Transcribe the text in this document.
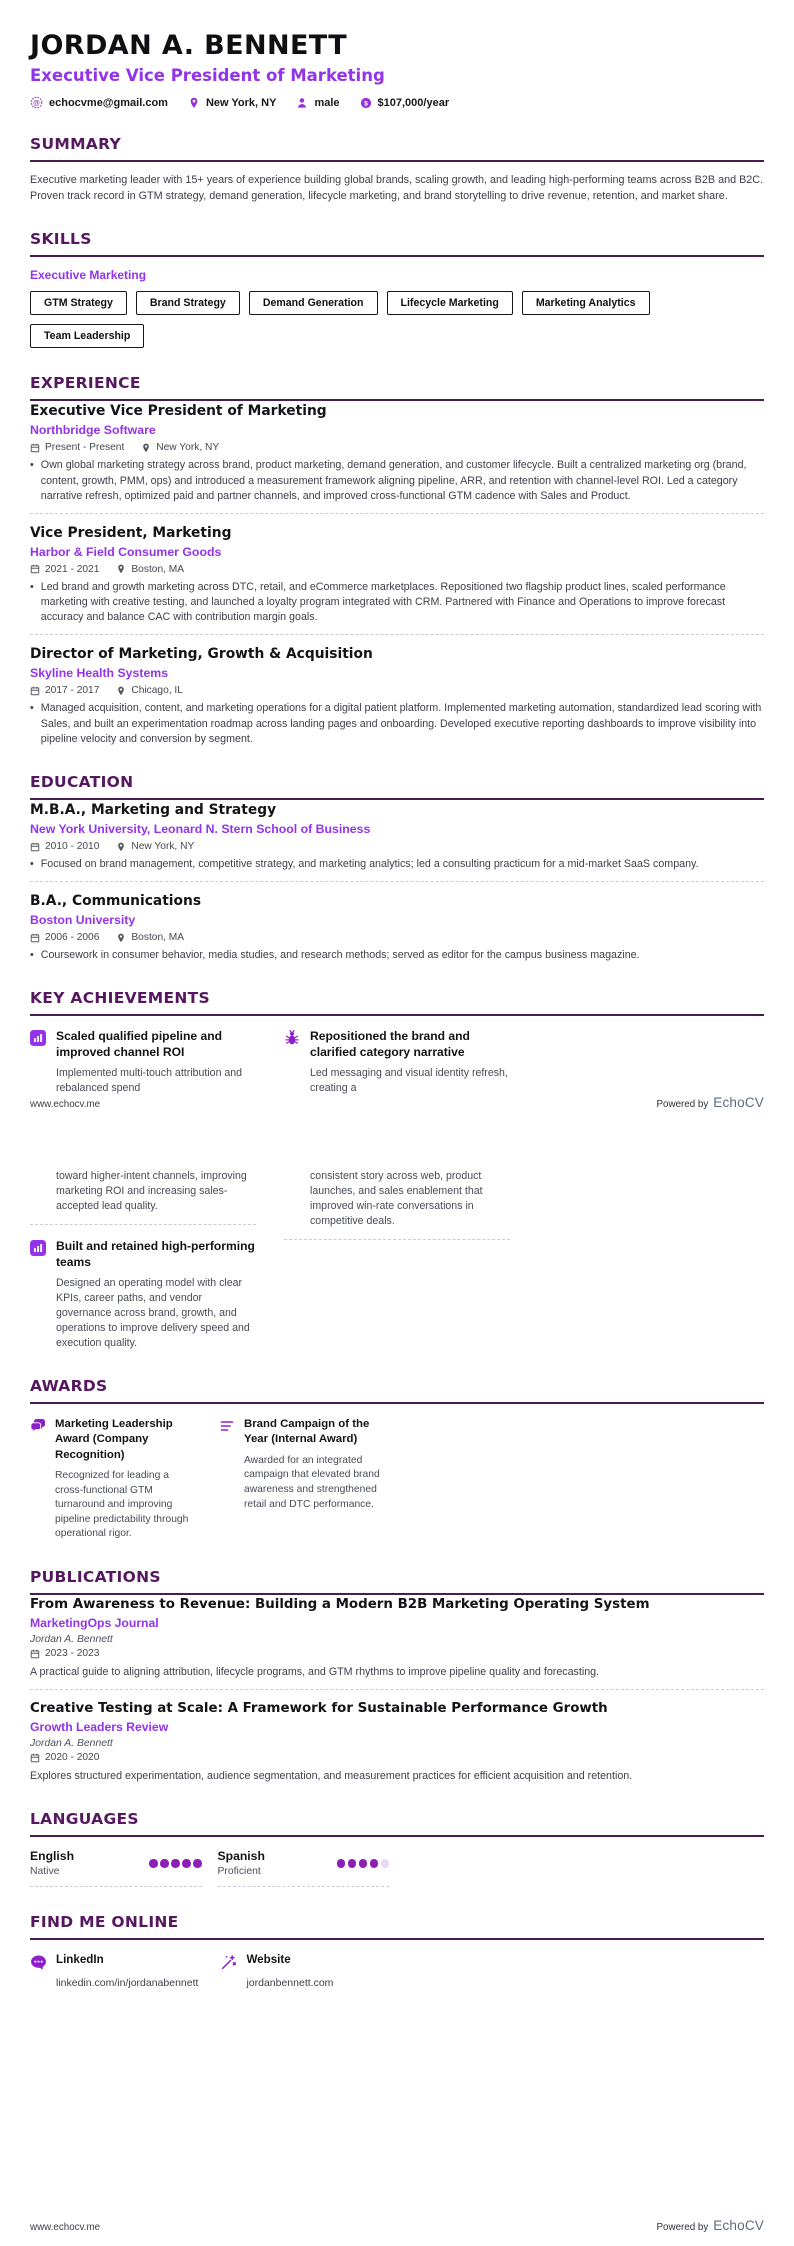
JORDAN A. BENNETT
Executive Vice President of Marketing
@ echocvme@gmail.com	New York, NY	male	$ $107,000/year
SUMMARY
Executive marketing leader with 15+ years of experience building global brands, scaling growth, and leading high-performing teams across B2B and B2C. Proven track record in GTM strategy, demand generation, lifecycle marketing, and brand storytelling to drive revenue, retention, and market share.
SKILLS
Executive Marketing
GTM Strategy	Brand Strategy	Demand Generation	Lifecycle Marketing	Marketing Analytics
Team Leadership
EXPERIENCE
Executive Vice President of Marketing
Northbridge Software
Present - Present	New York, NY
• Own global marketing strategy across brand, product marketing, demand generation, and customer lifecycle. Built a centralized marketing org (brand, content, growth, PMM, ops) and introduced a measurement framework aligning pipeline, ARR, and retention with channel-level ROI. Led a category narrative refresh, optimized paid and partner channels, and improved cross-functional GTM cadence with Sales and Product.
Vice President, Marketing
Harbor & Field Consumer Goods
2021 - 2021	Boston, MA
• Led brand and growth marketing across DTC, retail, and eCommerce marketplaces. Repositioned two flagship product lines, scaled performance marketing with creative testing, and launched a loyalty program integrated with CRM. Partnered with Finance and Operations to improve forecast accuracy and balance CAC with contribution margin goals.
Director of Marketing, Growth & Acquisition
Skyline Health Systems
2017 - 2017	Chicago, IL
• Managed acquisition, content, and marketing operations for a digital patient platform. Implemented marketing automation, standardized lead scoring with Sales, and built an experimentation roadmap across landing pages and onboarding. Developed executive reporting dashboards to improve visibility into pipeline velocity and conversion by segment.
EDUCATION
M.B.A., Marketing and Strategy
New York University, Leonard N. Stern School of Business
2010 - 2010	New York, NY
• Focused on brand management, competitive strategy, and marketing analytics; led a consulting practicum for a mid-market SaaS company.
B.A., Communications
Boston University
2006 - 2006	Boston, MA
• Coursework in consumer behavior, media studies, and research methods; served as editor for the campus business magazine.
KEY ACHIEVEMENTS
Scaled qualified pipeline and improved channel ROI
Implemented multi-touch attribution and rebalanced spend
Repositioned the brand and clarified category narrative
Led messaging and visual identity refresh, creating a
www.echocv.me	Powered by EchoCV
toward higher-intent channels, improving marketing ROI and increasing sales-accepted lead quality.
Built and retained high-performing teams
Designed an operating model with clear KPIs, career paths, and vendor governance across brand, growth, and operations to improve delivery speed and execution quality.
consistent story across web, product launches, and sales enablement that improved win-rate conversations in competitive deals.
AWARDS
Marketing Leadership Award (Company Recognition)
Recognized for leading a cross-functional GTM turnaround and improving pipeline predictability through operational rigor.
Brand Campaign of the Year (Internal Award)
Awarded for an integrated campaign that elevated brand awareness and strengthened retail and DTC performance.
PUBLICATIONS
From Awareness to Revenue: Building a Modern B2B Marketing Operating System
MarketingOps Journal
Jordan A. Bennett
2023 - 2023
A practical guide to aligning attribution, lifecycle programs, and GTM rhythms to improve pipeline quality and forecasting.
Creative Testing at Scale: A Framework for Sustainable Performance Growth
Growth Leaders Review
Jordan A. Bennett
2020 - 2020
Explores structured experimentation, audience segmentation, and measurement practices for efficient acquisition and retention.
LANGUAGES
English
Native
Spanish
Proficient
FIND ME ONLINE
LinkedIn
linkedin.com/in/jordanabennett
Website
jordanbennett.com
www.echocv.me	Powered by EchoCV
